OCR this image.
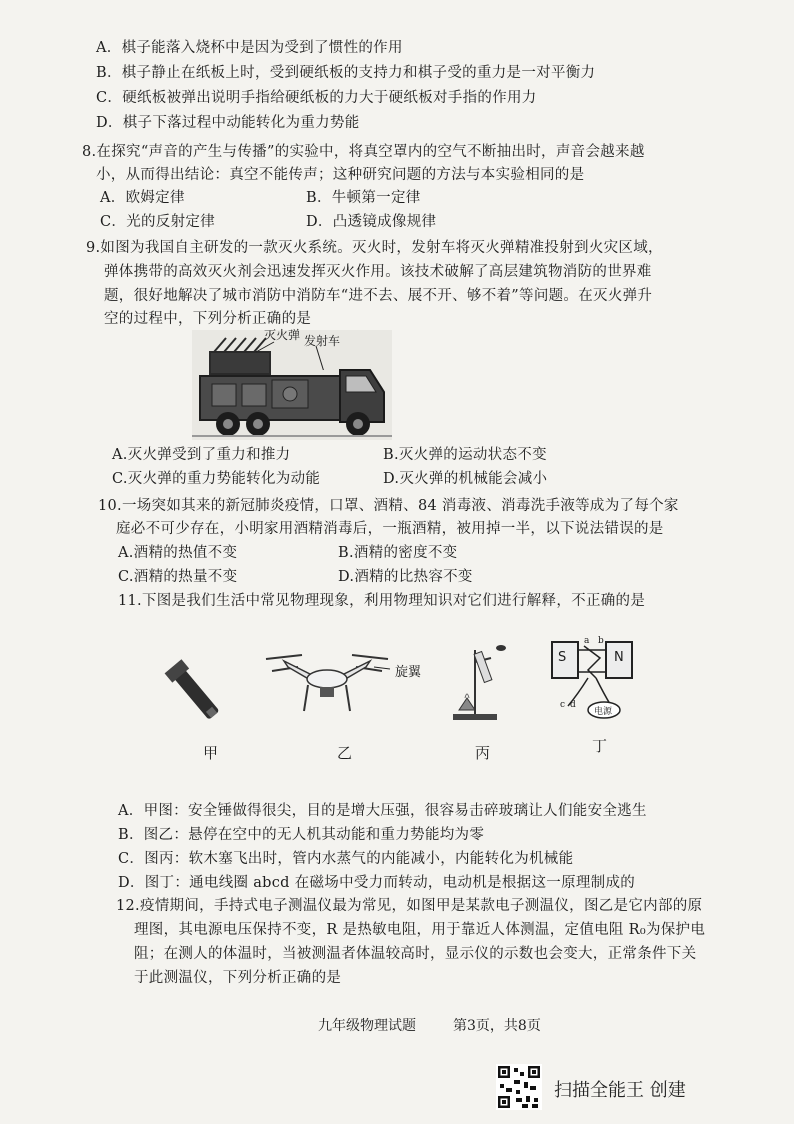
A．棋子能落入烧杯中是因为受到了惯性的作用
B．棋子静止在纸板上时，受到硬纸板的支持力和棋子受的重力是一对平衡力
C．硬纸板被弹出说明手指给硬纸板的力大于硬纸板对手指的作用力
D．棋子下落过程中动能转化为重力势能
8.在探究“声音的产生与传播”的实验中，将真空罩内的空气不断抽出时，声音会越来越
小，从而得出结论：真空不能传声；这种研究问题的方法与本实验相同的是
A．欧姆定律	B．牛顿第一定律
C．光的反射定律	D．凸透镜成像规律
9.如图为我国自主研发的一款灭火系统。灭火时，发射车将灭火弹精准投射到火灾区域，
弹体携带的高效灭火剂会迅速发挥灭火作用。该技术破解了高层建筑物消防的世界难
题，很好地解决了城市消防中消防车“进不去、展不开、够不着”等问题。在灭火弹升
空的过程中，下列分析正确的是
灭火弹 发射车
A.灭火弹受到了重力和推力	B.灭火弹的运动状态不变
C.灭火弹的重力势能转化为动能	D.灭火弹的机械能会减小
10.一场突如其来的新冠肺炎疫情，口罩、酒精、84 消毒液、消毒洗手液等成为了每个家
庭必不可少存在，小明家用酒精消毒后，一瓶酒精，被用掉一半，以下说法错误的是
A.酒精的热值不变	B.酒精的密度不变
C.酒精的热量不变	D.酒精的比热容不变
11.下图是我们生活中常见物理现象，利用物理知识对它们进行解释，不正确的是
旋翼
S	N
a b
c d
电源
甲	乙	丙	丁
A．甲图：安全锤做得很尖，目的是增大压强，很容易击碎玻璃让人们能安全逃生
B．图乙：悬停在空中的无人机其动能和重力势能均为零
C．图丙：软木塞飞出时，管内水蒸气的内能减小，内能转化为机械能
D．图丁：通电线圈 abcd 在磁场中受力而转动，电动机是根据这一原理制成的
12.疫情期间，手持式电子测温仪最为常见，如图甲是某款电子测温仪，图乙是它内部的原
理图，其电源电压保持不变，R 是热敏电阻，用于靠近人体测温，定值电阻 R₀为保护电
阻；在测人的体温时，当被测温者体温较高时，显示仪的示数也会变大，正常条件下关
于此测温仪，下列分析正确的是
九年级物理试题	第3页，共8页
扫描全能王 创建
